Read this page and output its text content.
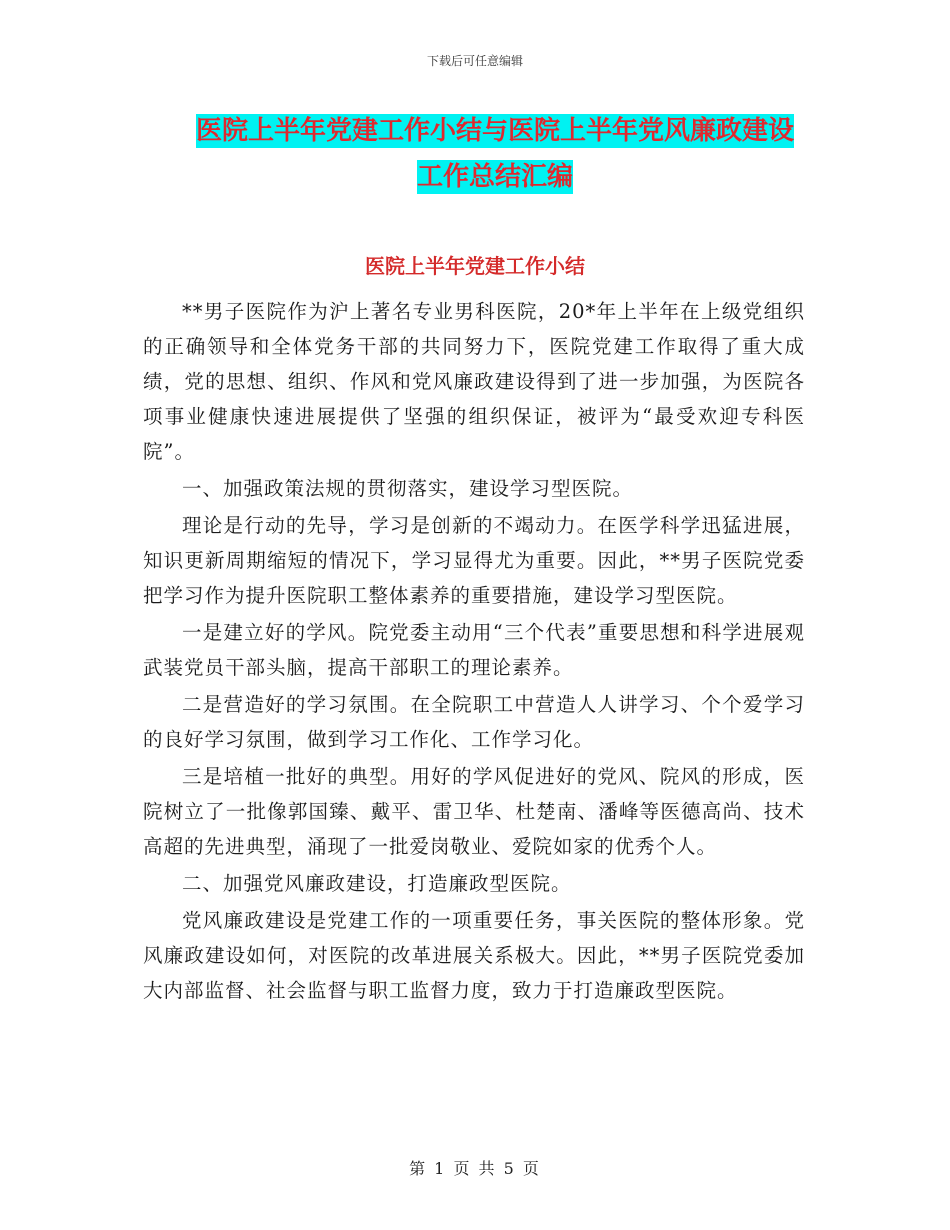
下载后可任意编辑
医院上半年党建工作小结与医院上半年党风廉政建设
工作总结汇编
医院上半年党建工作小结

**男子医院作为沪上著名专业男科医院，20*年上半年在上级党组织的正确领导和全体党务干部的共同努力下，医院党建工作取得了重大成绩，党的思想、组织、作风和党风廉政建设得到了进一步加强，为医院各项事业健康快速进展提供了坚强的组织保证，被评为“最受欢迎专科医院”。

一、加强政策法规的贯彻落实，建设学习型医院。

理论是行动的先导，学习是创新的不竭动力。在医学科学迅猛进展，知识更新周期缩短的情况下，学习显得尤为重要。因此，**男子医院党委把学习作为提升医院职工整体素养的重要措施，建设学习型医院。

一是建立好的学风。院党委主动用“三个代表”重要思想和科学进展观武装党员干部头脑，提高干部职工的理论素养。

二是营造好的学习氛围。在全院职工中营造人人讲学习、个个爱学习的良好学习氛围，做到学习工作化、工作学习化。

三是培植一批好的典型。用好的学风促进好的党风、院风的形成，医院树立了一批像郭国臻、戴平、雷卫华、杜楚南、潘峰等医德高尚、技术高超的先进典型，涌现了一批爱岗敬业、爱院如家的优秀个人。

二、加强党风廉政建设，打造廉政型医院。

党风廉政建设是党建工作的一项重要任务，事关医院的整体形象。党风廉政建设如何，对医院的改革进展关系极大。因此，**男子医院党委加大内部监督、社会监督与职工监督力度，致力于打造廉政型医院。

第 1 页 共 5 页
